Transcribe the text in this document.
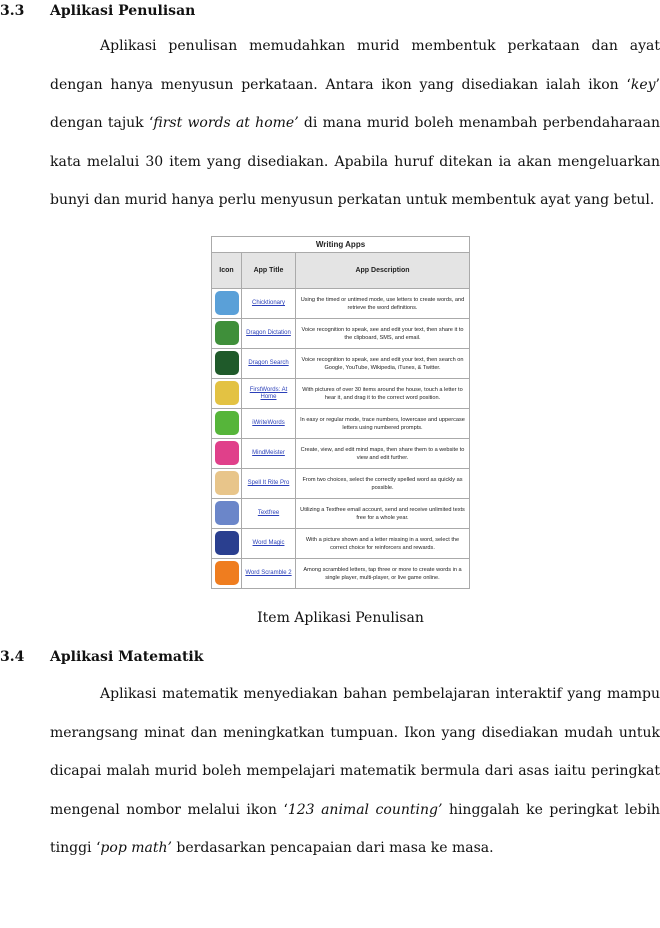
3.3 Aplikasi Penulisan

Aplikasi penulisan memudahkan murid membentuk perkataan dan ayat dengan hanya menyusun perkataan. Antara ikon yang disediakan ialah ikon ‘key’ dengan tajuk ‘first words at home’ di mana murid boleh menambah perbendaharaan kata melalui 30 item yang disediakan. Apabila huruf ditekan ia akan mengeluarkan bunyi dan murid hanya perlu menyusun perkatan untuk membentuk ayat yang betul.

Writing Apps		
Icon	App Title	App Description
	Chicktionary	Using the timed or untimed mode, use letters to create words, and retrieve the word definitions.
	Dragon Dictation	Voice recognition to speak, see and edit your text, then share it to the clipboard, SMS, and email.
	Dragon Search	Voice recognition to speak, see and edit your text, then search on Google, YouTube, Wikipedia, iTunes, & Twitter.
	FirstWords: At Home	With pictures of over 30 items around the house, touch a letter to hear it, and drag it to the correct word position.
	iWriteWords	In easy or regular mode, trace numbers, lowercase and uppercase letters using numbered prompts.
	MindMeister	Create, view, and edit mind maps, then share them to a website to view and edit further.
	Spell It Rite Pro	From two choices, select the correctly spelled word as quickly as possible.
	Textfree	Utilizing a Textfree email account, send and receive unlimited texts free for a whole year.
	Word Magic	With a picture shown and a letter missing in a word, select the correct choice for reinforcers and rewards.
	Word Scramble 2	Among scrambled letters, tap three or more to create words in a single player, multi-player, or live game online.
Item Aplikasi Penulisan
3.4 Aplikasi Matematik

Aplikasi matematik menyediakan bahan pembelajaran interaktif yang mampu merangsang minat dan meningkatkan tumpuan. Ikon yang disediakan mudah untuk dicapai malah murid boleh mempelajari matematik bermula dari asas iaitu peringkat mengenal nombor melalui ikon ‘123 animal counting’ hinggalah ke peringkat lebih tinggi ‘pop math’ berdasarkan pencapaian dari masa ke masa.
